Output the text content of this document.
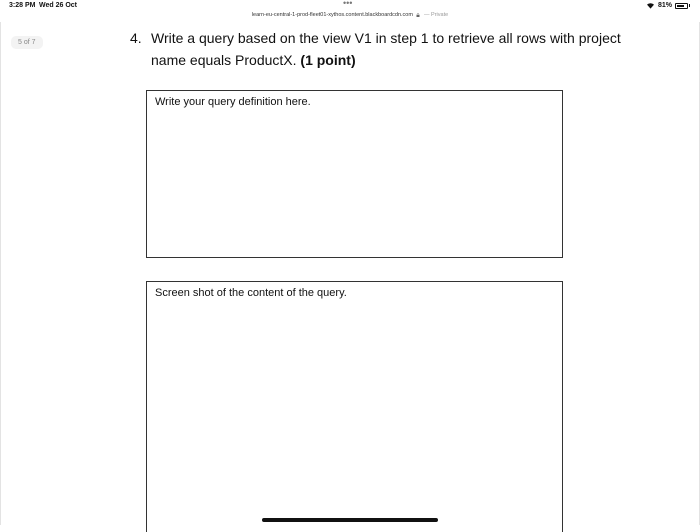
3:28 PM Wed 26 Oct	•••
learn-eu-central-1-prod-fleet01-xythos.content.blackboardcdn.com — Private
81%
5 of 7	4. Write a query based on the view V1 in step 1 to retrieve all rows with project name equals ProductX. (1 point)
Write your query definition here.
Screen shot of the content of the query.
